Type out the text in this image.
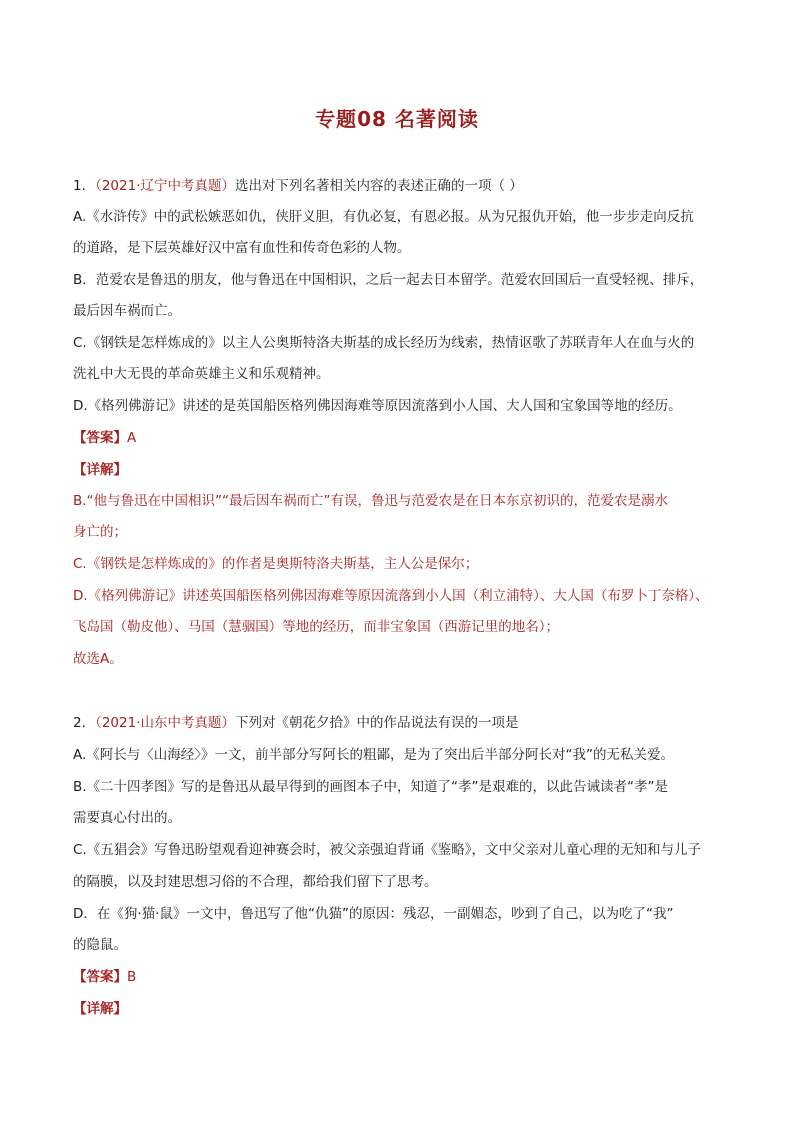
专题08 名著阅读
1．（2021·辽宁中考真题）选出对下列名著相关内容的表述正确的一项（ ）
A.《水浒传》中的武松嫉恶如仇，侠肝义胆，有仇必复，有恩必报。从为兄报仇开始，他一步步走向反抗
的道路，是下层英雄好汉中富有血性和传奇色彩的人物。
B．范爱农是鲁迅的朋友，他与鲁迅在中国相识，之后一起去日本留学。范爱农回国后一直受轻视、排斥，
最后因车祸而亡。
C.《钢铁是怎样炼成的》以主人公奥斯特洛夫斯基的成长经历为线索，热情讴歌了苏联青年人在血与火的
洗礼中大无畏的革命英雄主义和乐观精神。
D.《格列佛游记》讲述的是英国船医格列佛因海难等原因流落到小人国、大人国和宝象国等地的经历。
【答案】A
【详解】
B.“他与鲁迅在中国相识”“最后因车祸而亡”有误，鲁迅与范爱农是在日本东京初识的，范爱农是溺水
身亡的；
C.《钢铁是怎样炼成的》的作者是奥斯特洛夫斯基，主人公是保尔；
D.《格列佛游记》讲述英国船医格列佛因海难等原因流落到小人国（利立浦特）、大人国（布罗卜丁奈格）、
飞岛国（勒皮他）、马国（慧骃国）等地的经历，而非宝象国（西游记里的地名）；
故选A。
2．（2021·山东中考真题）下列对《朝花夕拾》中的作品说法有误的一项是
A.《阿长与〈山海经〉》一文，前半部分写阿长的粗鄙，是为了突出后半部分阿长对“我”的无私关爱。
B.《二十四孝图》写的是鲁迅从最早得到的画图本子中，知道了“孝”是艰难的，以此告诫读者“孝”是
需要真心付出的。
C.《五猖会》写鲁迅盼望观看迎神赛会时，被父亲强迫背诵《鉴略》，文中父亲对儿童心理的无知和与儿子
的隔膜，以及封建思想习俗的不合理，都给我们留下了思考。
D．在《狗·猫·鼠》一文中，鲁迅写了他“仇猫”的原因：残忍，一副媚态，吵到了自己，以为吃了“我”
的隐鼠。
【答案】B
【详解】
